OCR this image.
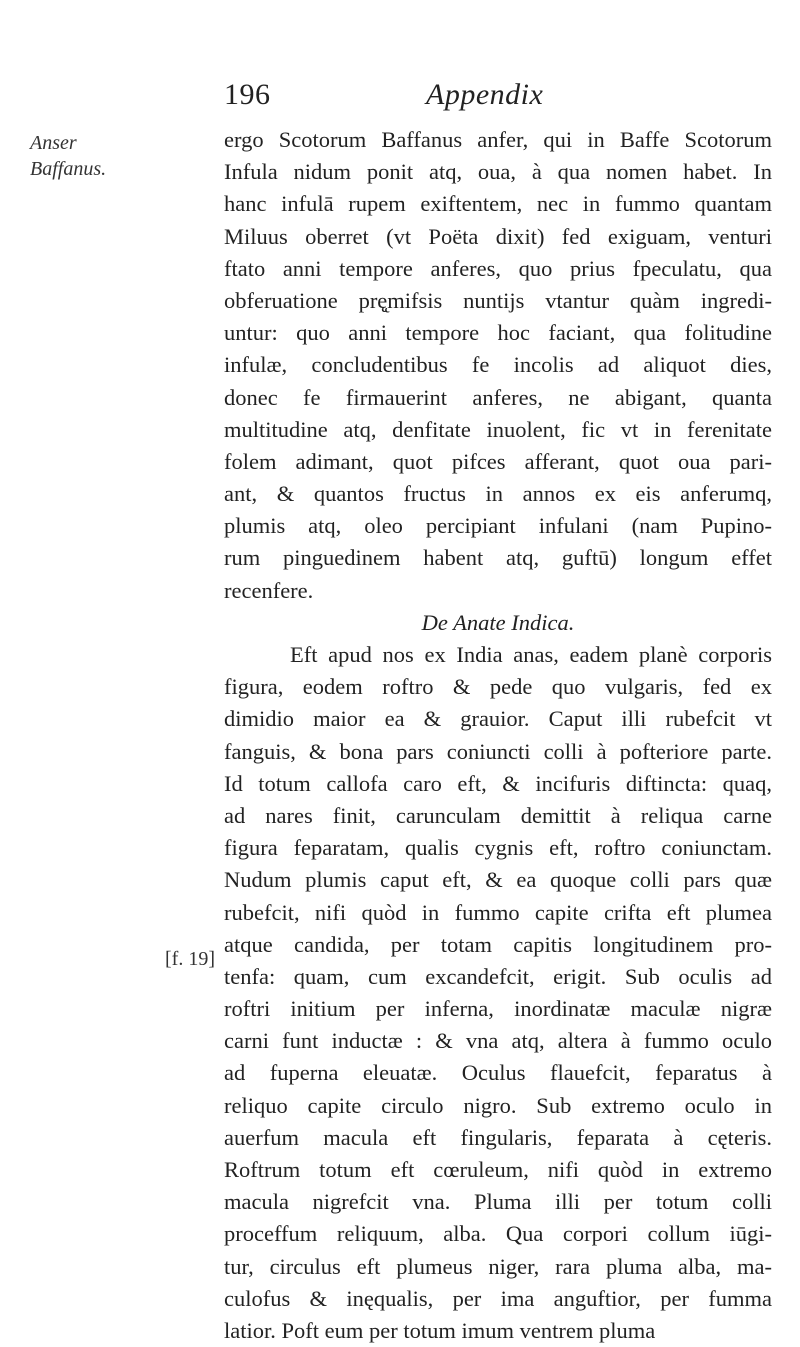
196	Appendix
Anser
Baffanus.
[f. 19]
ergo Scotorum Baffanus anfer, qui in Baffe Scotorum
Infula nidum ponit atq, oua, à qua nomen habet. In
hanc infulā rupem exiftentem, nec in fummo quantam
Miluus oberret (vt Poëta dixit) fed exiguam, venturi
ftato anni tempore anferes, quo prius fpeculatu, qua
obferuatione prę̨mifsis nuntijs vtantur quàm ingredi-
untur: quo anni tempore hoc faciant, qua folitudine
infulæ, concludentibus fe incolis ad aliquot dies,
donec fe firmauerint anferes, ne abigant, quanta
multitudine atq, denfitate inuolent, fic vt in ferenitate
folem adimant, quot pifces afferant, quot oua pari-
ant, & quantos fructus in annos ex eis anferumq,
plumis atq, oleo percipiant infulani (nam Pupino-
rum pinguedinem habent atq, guftū) longum effet
recenfere.
De Anate Indica.
Eft apud nos ex India anas, eadem planè corporis
figura, eodem roftro & pede quo vulgaris, fed ex
dimidio maior ea & grauior. Caput illi rubefcit vt
fanguis, & bona pars coniuncti colli à pofteriore parte.
Id totum callofa caro eft, & incifuris diftincta: quaq,
ad nares finit, carunculam demittit à reliqua carne
figura feparatam, qualis cygnis eft, roftro coniunctam.
Nudum plumis caput eft, & ea quoque colli pars quæ
rubefcit, nifi quòd in fummo capite crifta eft plumea
atque candida, per totam capitis longitudinem pro-
tenfa: quam, cum excandefcit, erigit. Sub oculis ad
roftri initium per inferna, inordinatæ maculæ nigræ
carni funt inductæ : & vna atq, altera à fummo oculo
ad fuperna eleuatæ. Oculus flauefcit, feparatus à
reliquo capite circulo nigro. Sub extremo oculo in
auerfum macula eft fingularis, feparata à cęteris.
Roftrum totum eft cœruleum, nifi quòd in extremo
macula nigrefcit vna. Pluma illi per totum colli
proceffum reliquum, alba. Qua corpori collum iūgi-
tur, circulus eft plumeus niger, rara pluma alba, ma-
culofus & inęqualis, per ima anguftior, per fumma
latior. Poft eum per totum imum ventrem pluma
